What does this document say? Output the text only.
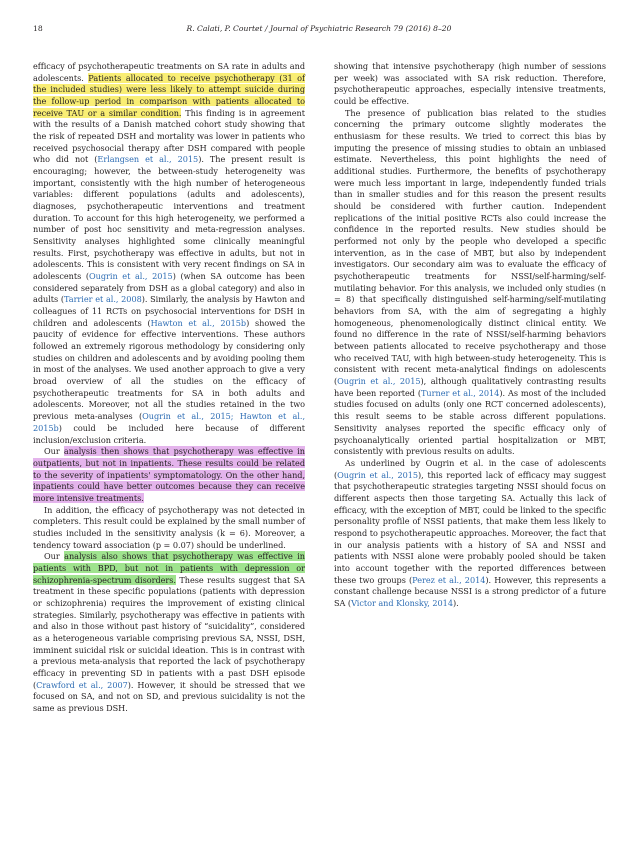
18	R. Calati, P. Courtet / Journal of Psychiatric Research 79 (2016) 8–20

efficacy of psychotherapeutic treatments on SA rate in adults and adolescents. Patients allocated to receive psychotherapy (31 of the included studies) were less likely to attempt suicide during the follow-up period in comparison with patients allocated to receive TAU or a similar condition. This finding is in agreement with the results of a Danish matched cohort study showing that the risk of repeated DSH and mortality was lower in patients who received psychosocial therapy after DSH compared with people who did not (Erlangsen et al., 2015). The present result is encouraging; however, the between-study heterogeneity was important, consistently with the high number of heterogeneous variables: different populations (adults and adolescents), diagnoses, psychotherapeutic interventions and treatment duration. To account for this high heterogeneity, we performed a number of post hoc sensitivity and meta-regression analyses. Sensitivity analyses highlighted some clinically meaningful results. First, psychotherapy was effective in adults, but not in adolescents. This is consistent with very recent findings on SA in adolescents (Ougrin et al., 2015) (when SA outcome has been considered separately from DSH as a global category) and also in adults (Tarrier et al., 2008). Similarly, the analysis by Hawton and colleagues of 11 RCTs on psychosocial interventions for DSH in children and adolescents (Hawton et al., 2015b) showed the paucity of evidence for effective interventions. These authors followed an extremely rigorous methodology by considering only studies on children and adolescents and by avoiding pooling them in most of the analyses. We used another approach to give a very broad overview of all the studies on the efficacy of psychotherapeutic treatments for SA in both adults and adolescents. Moreover, not all the studies retained in the two previous meta-analyses (Ougrin et al., 2015; Hawton et al., 2015b) could be included here because of different inclusion/exclusion criteria.

Our analysis then shows that psychotherapy was effective in outpatients, but not in inpatients. These results could be related to the severity of inpatients' symptomatology. On the other hand, inpatients could have better outcomes because they can receive more intensive treatments.

In addition, the efficacy of psychotherapy was not detected in completers. This result could be explained by the small number of studies included in the sensitivity analysis (k = 6). Moreover, a tendency toward association (p = 0.07) should be underlined.

Our analysis also shows that psychotherapy was effective in patients with BPD, but not in patients with depression or schizophrenia-spectrum disorders. These results suggest that SA treatment in these specific populations (patients with depression or schizophrenia) requires the improvement of existing clinical strategies. Similarly, psychotherapy was effective in patients with and also in those without past history of “suicidality”, considered as a heterogeneous variable comprising previous SA, NSSI, DSH, imminent suicidal risk or suicidal ideation. This is in contrast with a previous meta-analysis that reported the lack of psychotherapy efficacy in preventing SD in patients with a past DSH episode (Crawford et al., 2007). However, it should be stressed that we focused on SA, and not on SD, and previous suicidality is not the same as previous DSH.

showing that intensive psychotherapy (high number of sessions per week) was associated with SA risk reduction. Therefore, psychotherapeutic approaches, especially intensive treatments, could be effective.

The presence of publication bias related to the studies concerning the primary outcome slightly moderates the enthusiasm for these results. We tried to correct this bias by imputing the presence of missing studies to obtain an unbiased estimate. Nevertheless, this point highlights the need of additional studies. Furthermore, the benefits of psychotherapy were much less important in large, independently funded trials than in smaller studies and for this reason the present results should be considered with further caution. Independent replications of the initial positive RCTs also could increase the confidence in the reported results. New studies should be performed not only by the people who developed a specific intervention, as in the case of MBT, but also by independent investigators. Our secondary aim was to evaluate the efficacy of psychotherapeutic treatments for NSSI/self-harming/self-mutilating behavior. For this analysis, we included only studies (n = 8) that specifically distinguished self-harming/self-mutilating behaviors from SA, with the aim of segregating a highly homogeneous, phenomenologically distinct clinical entity. We found no difference in the rate of NSSI/self-harming behaviors between patients allocated to receive psychotherapy and those who received TAU, with high between-study heterogeneity. This is consistent with recent meta-analytical findings on adolescents (Ougrin et al., 2015), although qualitatively contrasting results have been reported (Turner et al., 2014). As most of the included studies focused on adults (only one RCT concerned adolescents), this result seems to be stable across different populations. Sensitivity analyses reported the specific efficacy only of psychoanalytically oriented partial hospitalization or MBT, consistently with previous results on adults.

As underlined by Ougrin et al. in the case of adolescents (Ougrin et al., 2015), this reported lack of efficacy may suggest that psychotherapeutic strategies targeting NSSI should focus on different aspects then those targeting SA. Actually this lack of efficacy, with the exception of MBT, could be linked to the specific personality profile of NSSI patients, that make them less likely to respond to psychotherapeutic approaches. Moreover, the fact that in our analysis patients with a history of SA and NSSI and patients with NSSI alone were probably pooled should be taken into account together with the reported differences between these two groups (Perez et al., 2014). However, this represents a constant challenge because NSSI is a strong predictor of a future SA (Victor and Klonsky, 2014).
